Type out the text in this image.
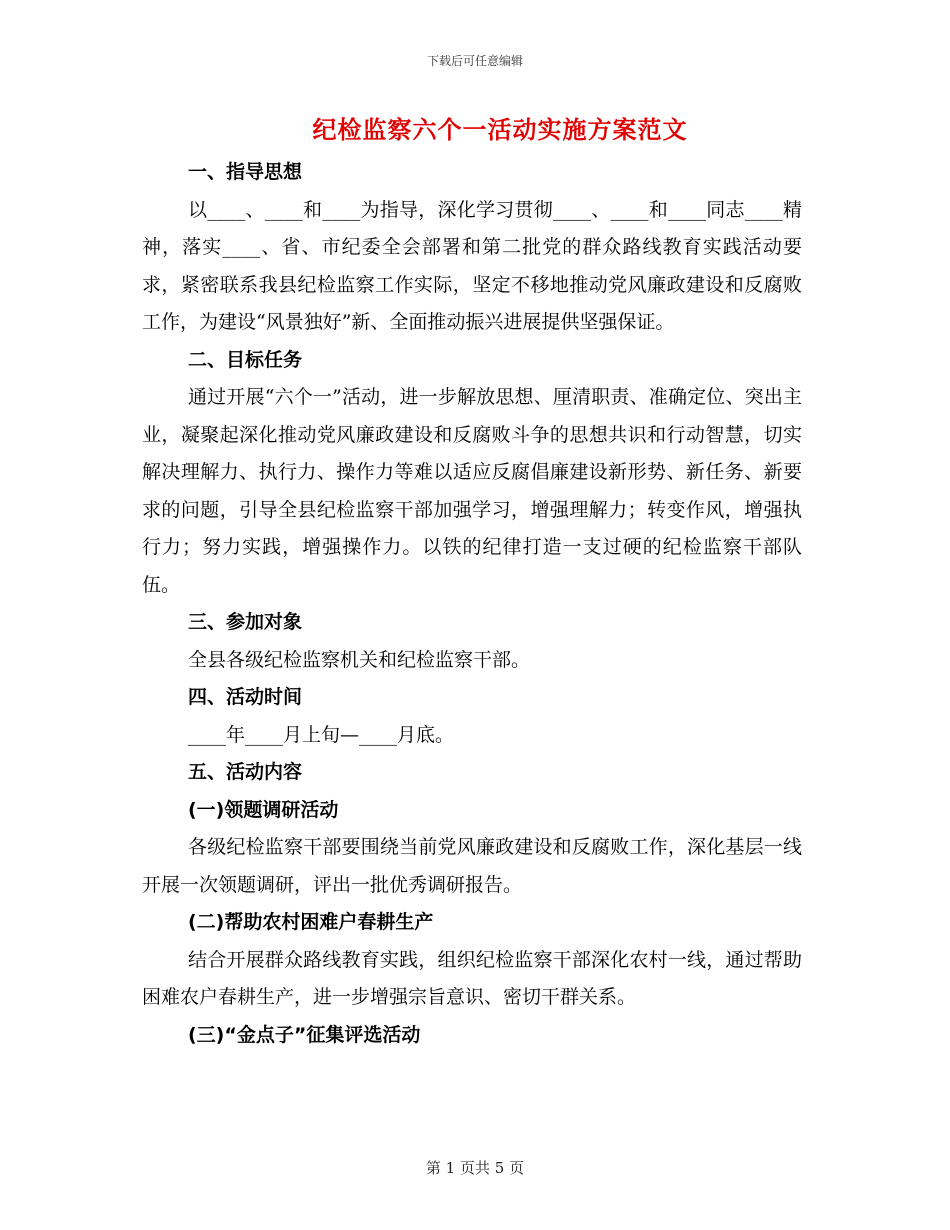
下载后可任意编辑
纪检监察六个一活动实施方案范文

一、指导思想

以____、____和____为指导，深化学习贯彻____、____和____同志____精神，落实____、省、市纪委全会部署和第二批党的群众路线教育实践活动要求，紧密联系我县纪检监察工作实际，坚定不移地推动党风廉政建设和反腐败工作，为建设“风景独好”新、全面推动振兴进展提供坚强保证。

二、目标任务

通过开展“六个一”活动，进一步解放思想、厘清职责、准确定位、突出主业，凝聚起深化推动党风廉政建设和反腐败斗争的思想共识和行动智慧，切实解决理解力、执行力、操作力等难以适应反腐倡廉建设新形势、新任务、新要求的问题，引导全县纪检监察干部加强学习，增强理解力；转变作风，增强执行力；努力实践，增强操作力。以铁的纪律打造一支过硬的纪检监察干部队伍。

三、参加对象

全县各级纪检监察机关和纪检监察干部。

四、活动时间

____年____月上旬—____月底。

五、活动内容

(一)领题调研活动

各级纪检监察干部要围绕当前党风廉政建设和反腐败工作，深化基层一线开展一次领题调研，评出一批优秀调研报告。

(二)帮助农村困难户春耕生产

结合开展群众路线教育实践，组织纪检监察干部深化农村一线，通过帮助困难农户春耕生产，进一步增强宗旨意识、密切干群关系。

(三)“金点子”征集评选活动

第 1 页共 5 页
